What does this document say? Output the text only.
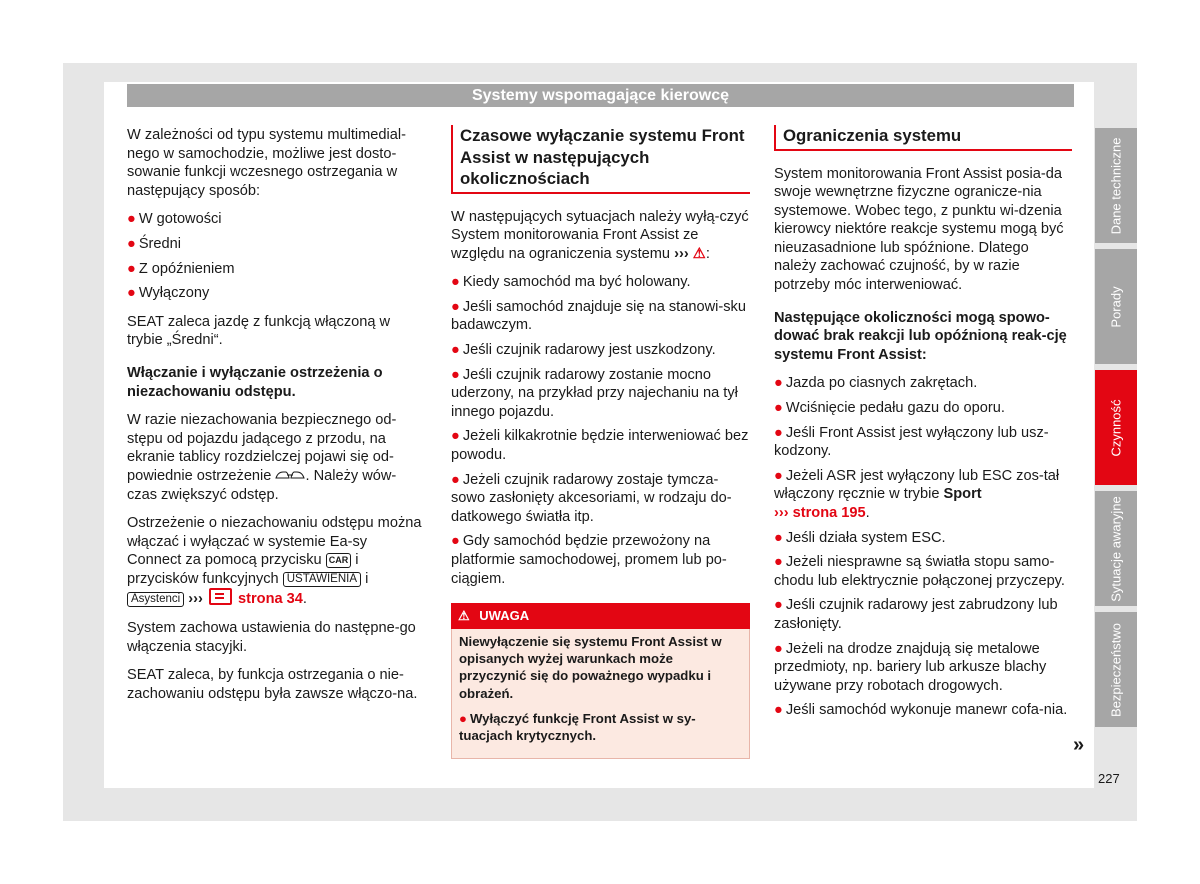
Systemy wspomagające kierowcę

W zależności od typu systemu multimedial-nego w samochodzie, możliwe jest dosto-sowanie funkcji wczesnego ostrzegania w następujący sposób:

● W gotowości
● Średni
● Z opóźnieniem
● Wyłączony

SEAT zaleca jazdę z funkcją włączoną w trybie „Średni“.

Włączanie i wyłączanie ostrzeżenia o niezachowaniu odstępu.

W razie niezachowania bezpiecznego od-stępu od pojazdu jadącego z przodu, na ekranie tablicy rozdzielczej pojawi się od-powiednie ostrzeżenie . Należy wów-czas zwiększyć odstęp.

Ostrzeżenie o niezachowaniu odstępu można włączać i wyłączać w systemie Ea-sy Connect za pomocą przycisku CAR i przycisków funkcyjnych USTAWIENIA i Asystenci ››› strona 34.

System zachowa ustawienia do następne-go włączenia stacyjki.

SEAT zaleca, by funkcja ostrzegania o nie-zachowaniu odstępu była zawsze włączo-na.

Czasowe wyłączanie systemu Front Assist w następujących okolicznościach

W następujących sytuacjach należy wyłą-czyć System monitorowania Front Assist ze względu na ograniczenia systemu ››› ⚠:

● Kiedy samochód ma być holowany.
● Jeśli samochód znajduje się na stanowi-sku badawczym.
● Jeśli czujnik radarowy jest uszkodzony.
● Jeśli czujnik radarowy zostanie mocno uderzony, na przykład przy najechaniu na tył innego pojazdu.
● Jeżeli kilkakrotnie będzie interweniować bez powodu.
● Jeżeli czujnik radarowy zostaje tymcza-sowo zasłonięty akcesoriami, w rodzaju do-datkowego światła itp.
● Gdy samochód będzie przewożony na platformie samochodowej, promem lub po-ciągiem.
⚠ UWAGA

Niewyłączenie się systemu Front Assist w opisanych wyżej warunkach może przyczynić się do poważnego wypadku i obrażeń.

● Wyłączyć funkcję Front Assist w sy-tuacjach krytycznych.

Ograniczenia systemu

System monitorowania Front Assist posia-da swoje wewnętrzne fizyczne ogranicze-nia systemowe. Wobec tego, z punktu wi-dzenia kierowcy niektóre reakcje systemu mogą być nieuzasadnione lub spóźnione. Dlatego należy zachować czujność, by w razie potrzeby móc interweniować.

Następujące okoliczności mogą spowo-dować brak reakcji lub opóźnioną reak-cję systemu Front Assist:

● Jazda po ciasnych zakrętach.
● Wciśnięcie pedału gazu do oporu.
● Jeśli Front Assist jest wyłączony lub usz-kodzony.
● Jeżeli ASR jest wyłączony lub ESC zos-tał włączony ręcznie w trybie Sport
››› strona 195.
● Jeśli działa system ESC.
● Jeżeli niesprawne są światła stopu samo-chodu lub elektrycznie połączonej przyczepy.
● Jeśli czujnik radarowy jest zabrudzony lub zasłonięty.
● Jeżeli na drodze znajdują się metalowe przedmioty, np. bariery lub arkusze blachy używane przy robotach drogowych.
● Jeśli samochód wykonuje manewr cofa-nia.
»
Dane techniczne
Porady
Czynność
Sytuacje awaryjne
Bezpieczeństwo
227
